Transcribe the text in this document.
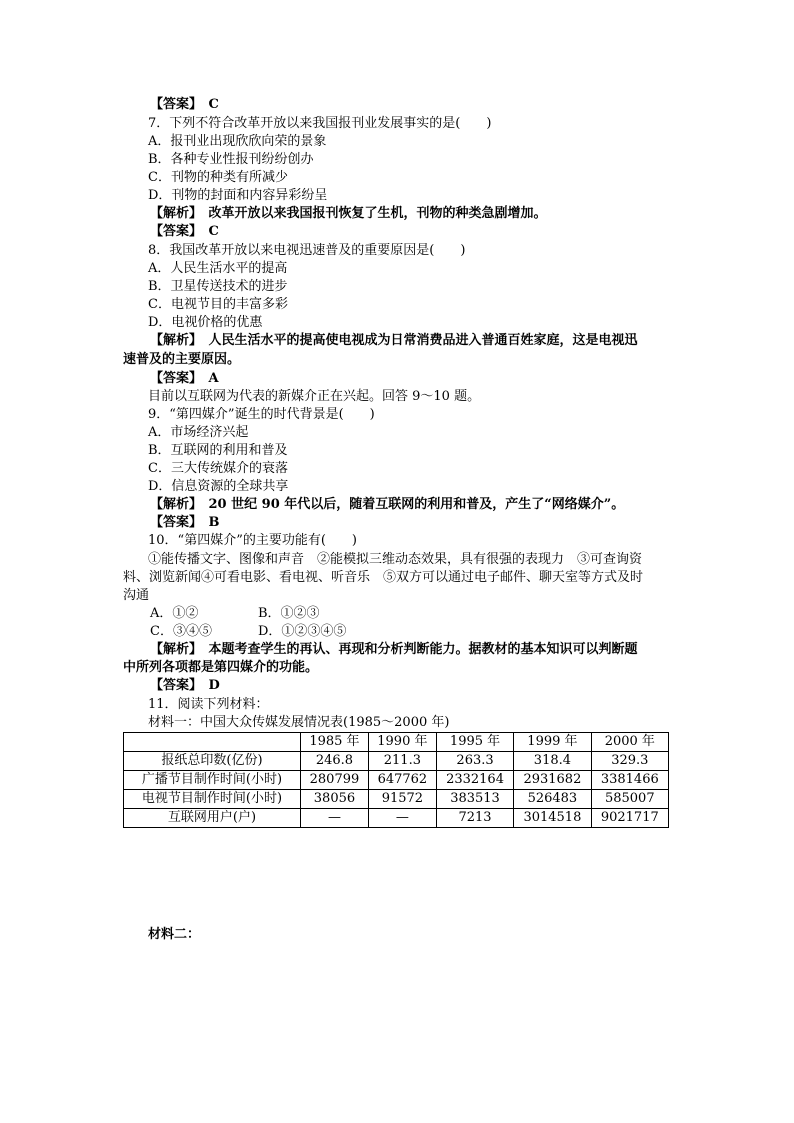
【答案】　C
7．下列不符合改革开放以来我国报刊业发展事实的是(　　)
A．报刊业出现欣欣向荣的景象
B．各种专业性报刊纷纷创办
C．刊物的种类有所减少
D．刊物的封面和内容异彩纷呈
【解析】　改革开放以来我国报刊恢复了生机，刊物的种类急剧增加。
【答案】　C
8．我国改革开放以来电视迅速普及的重要原因是(　　)
A．人民生活水平的提高
B．卫星传送技术的进步
C．电视节目的丰富多彩
D．电视价格的优惠
【解析】　人民生活水平的提高使电视成为日常消费品进入普通百姓家庭，这是电视迅
速普及的主要原因。
【答案】　A
目前以互联网为代表的新媒介正在兴起。回答 9～10 题。
9．“第四媒介”诞生的时代背景是(　　)
A．市场经济兴起
B．互联网的利用和普及
C．三大传统媒介的衰落
D．信息资源的全球共享
【解析】　20 世纪 90 年代以后，随着互联网的利用和普及，产生了“网络媒介”。
【答案】　B
10．“第四媒介”的主要功能有(　　)
①能传播文字、图像和声音　②能模拟三维动态效果，具有很强的表现力　③可查询资
料、浏览新闻④可看电影、看电视、听音乐　⑤双方可以通过电子邮件、聊天室等方式及时
沟通
A．①②	B．①②③
C．③④⑤	D．①②③④⑤
【解析】　本题考查学生的再认、再现和分析判断能力。据教材的基本知识可以判断题
中所列各项都是第四媒介的功能。
【答案】　D
11．阅读下列材料：
材料一：中国大众传媒发展情况表(1985～2000 年)
	1985 年	1990 年	1995 年	1999 年	2000 年
报纸总印数(亿份)	246.8	211.3	263.3	318.4	329.3
广播节目制作时间(小时)	280799	647762	2332164	2931682	3381466
电视节目制作时间(小时)	38056	91572	383513	526483	585007
互联网用户(户)	—	—	7213	3014518	9021717
材料二：
